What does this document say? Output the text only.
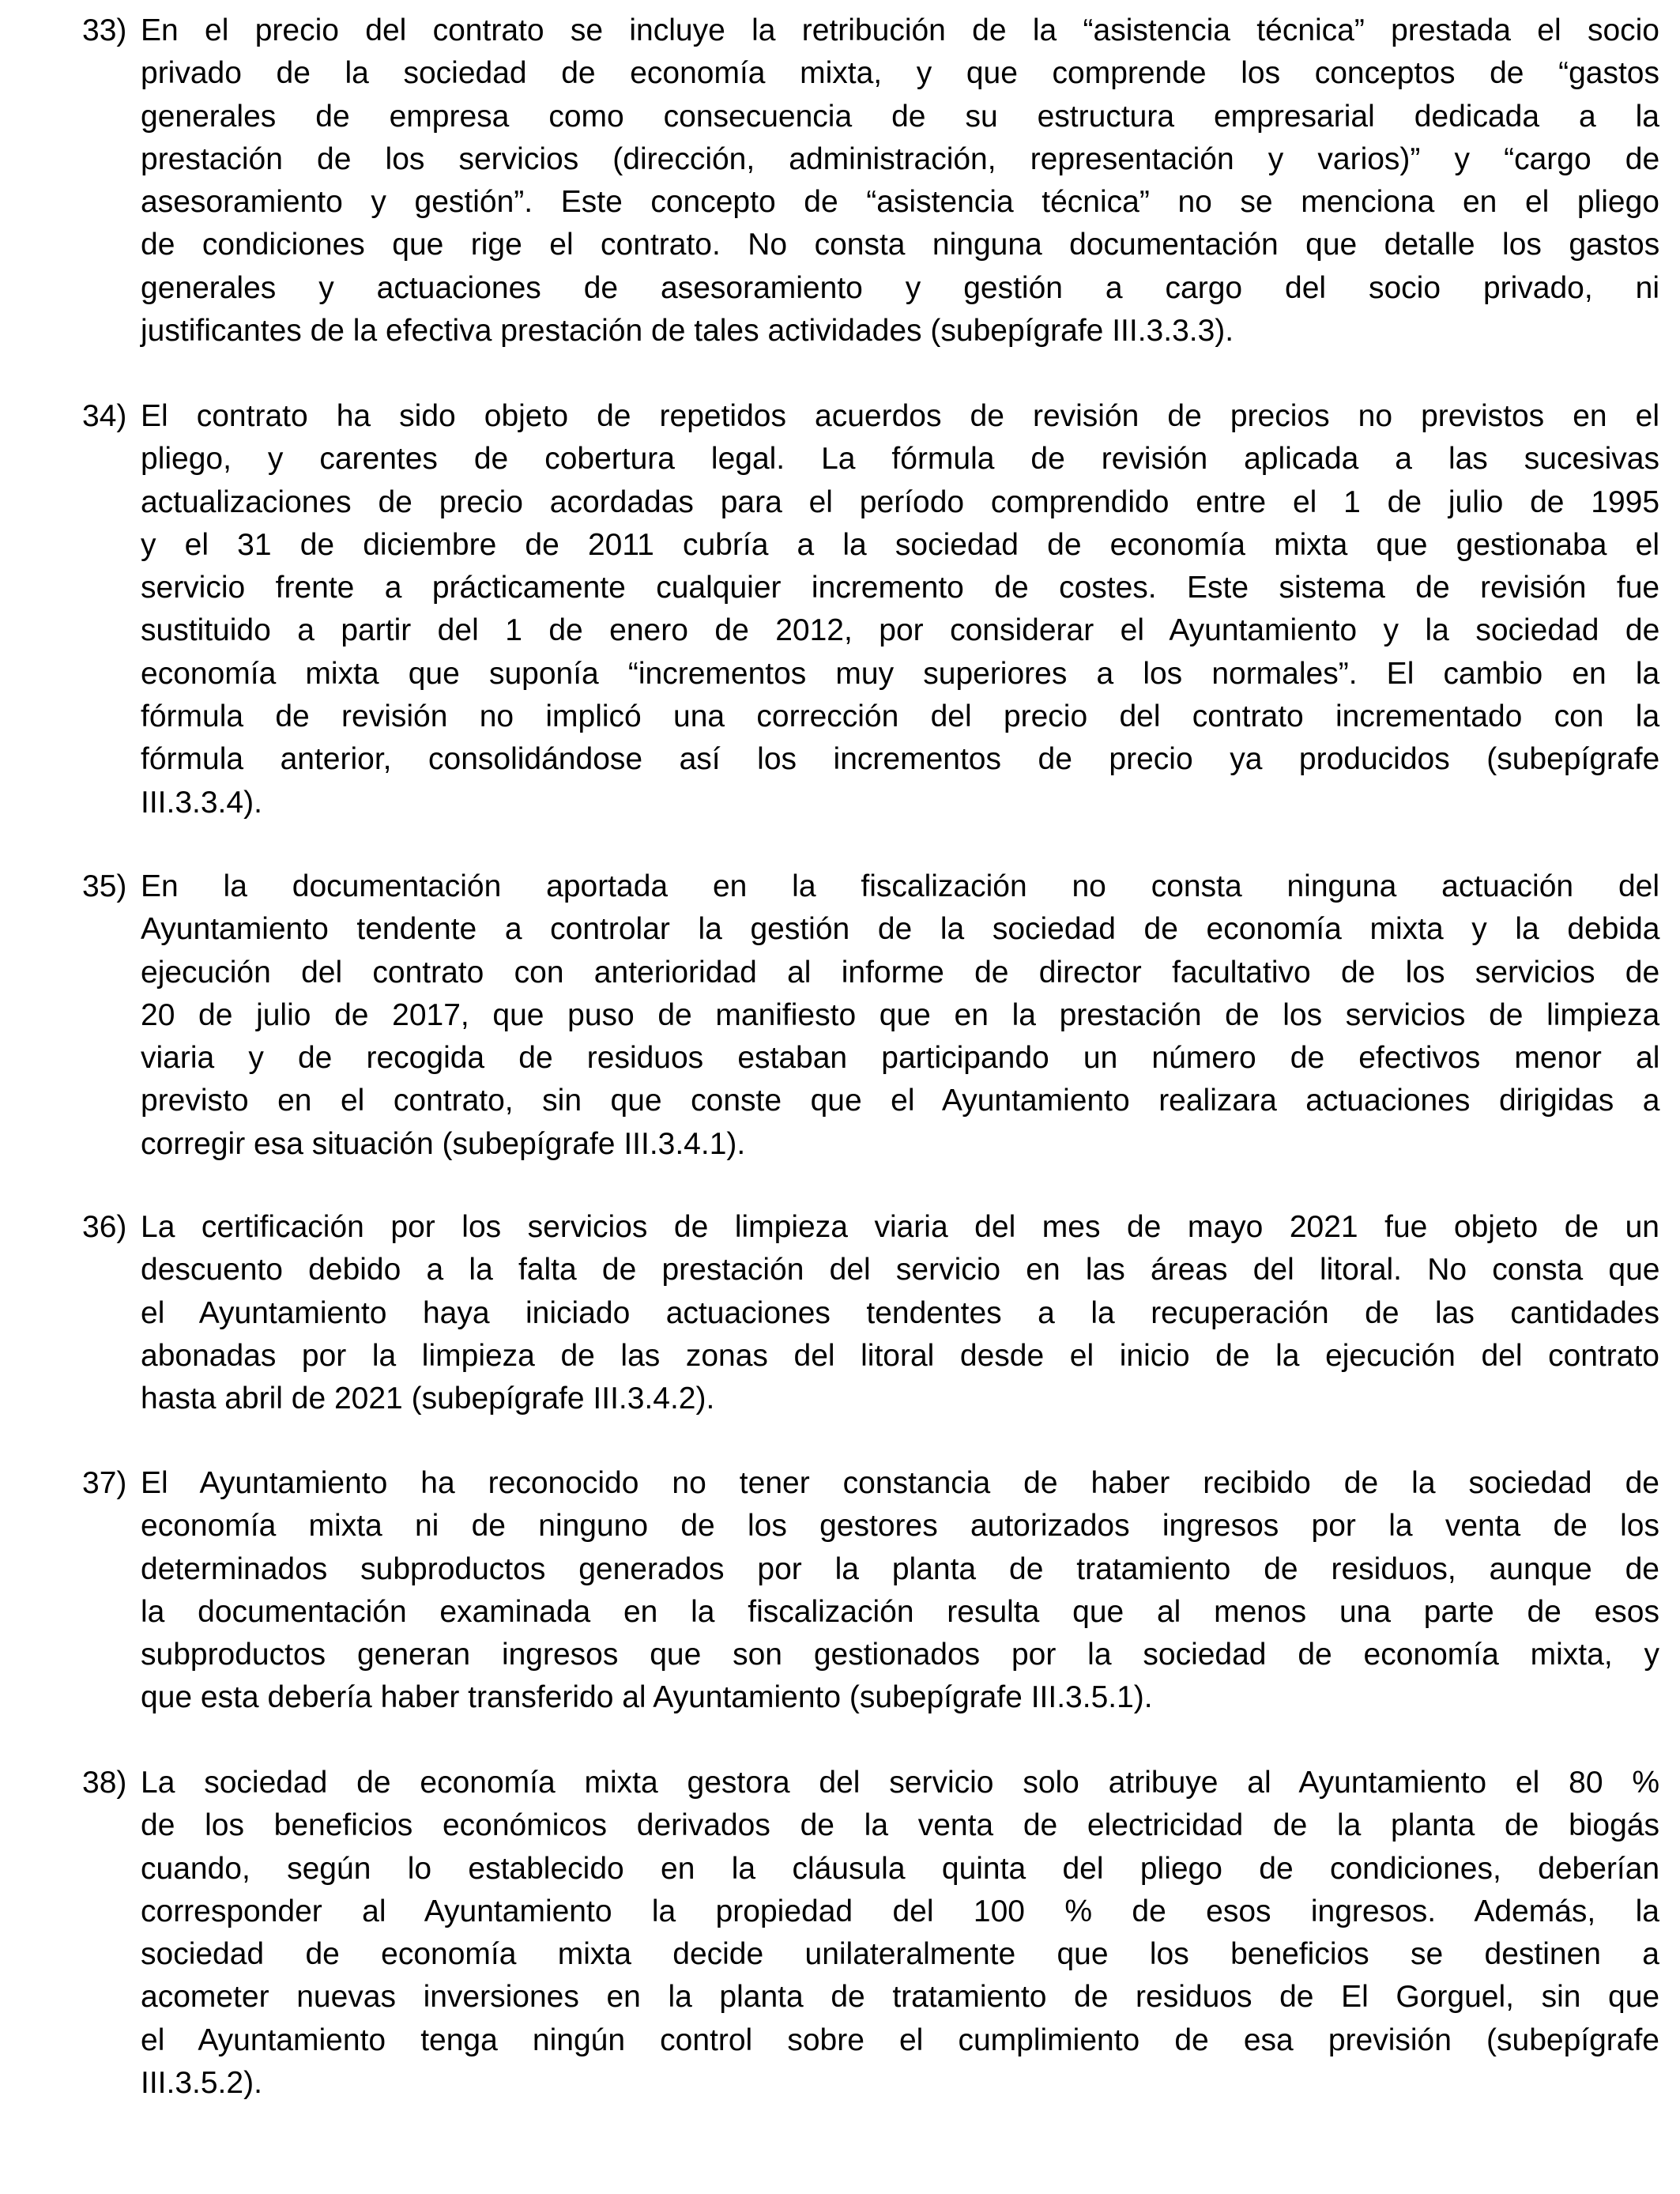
33) En el precio del contrato se incluye la retribución de la “asistencia técnica” prestada el socio
privado de la sociedad de economía mixta, y que comprende los conceptos de “gastos
generales de empresa como consecuencia de su estructura empresarial dedicada a la
prestación de los servicios (dirección, administración, representación y varios)” y “cargo de
asesoramiento y gestión”. Este concepto de “asistencia técnica” no se menciona en el pliego
de condiciones que rige el contrato. No consta ninguna documentación que detalle los gastos
generales y actuaciones de asesoramiento y gestión a cargo del socio privado, ni
justificantes de la efectiva prestación de tales actividades (subepígrafe III.3.3.3).
34) El contrato ha sido objeto de repetidos acuerdos de revisión de precios no previstos en el
pliego, y carentes de cobertura legal. La fórmula de revisión aplicada a las sucesivas
actualizaciones de precio acordadas para el período comprendido entre el 1 de julio de 1995
y el 31 de diciembre de 2011 cubría a la sociedad de economía mixta que gestionaba el
servicio frente a prácticamente cualquier incremento de costes. Este sistema de revisión fue
sustituido a partir del 1 de enero de 2012, por considerar el Ayuntamiento y la sociedad de
economía mixta que suponía “incrementos muy superiores a los normales”. El cambio en la
fórmula de revisión no implicó una corrección del precio del contrato incrementado con la
fórmula anterior, consolidándose así los incrementos de precio ya producidos (subepígrafe
III.3.3.4).
35) En la documentación aportada en la fiscalización no consta ninguna actuación del
Ayuntamiento tendente a controlar la gestión de la sociedad de economía mixta y la debida
ejecución del contrato con anterioridad al informe de director facultativo de los servicios de
20 de julio de 2017, que puso de manifiesto que en la prestación de los servicios de limpieza
viaria y de recogida de residuos estaban participando un número de efectivos menor al
previsto en el contrato, sin que conste que el Ayuntamiento realizara actuaciones dirigidas a
corregir esa situación (subepígrafe III.3.4.1).
36) La certificación por los servicios de limpieza viaria del mes de mayo 2021 fue objeto de un
descuento debido a la falta de prestación del servicio en las áreas del litoral. No consta que
el Ayuntamiento haya iniciado actuaciones tendentes a la recuperación de las cantidades
abonadas por la limpieza de las zonas del litoral desde el inicio de la ejecución del contrato
hasta abril de 2021 (subepígrafe III.3.4.2).
37) El Ayuntamiento ha reconocido no tener constancia de haber recibido de la sociedad de
economía mixta ni de ninguno de los gestores autorizados ingresos por la venta de los
determinados subproductos generados por la planta de tratamiento de residuos, aunque de
la documentación examinada en la fiscalización resulta que al menos una parte de esos
subproductos generan ingresos que son gestionados por la sociedad de economía mixta, y
que esta debería haber transferido al Ayuntamiento (subepígrafe III.3.5.1).
38) La sociedad de economía mixta gestora del servicio solo atribuye al Ayuntamiento el 80 %
de los beneficios económicos derivados de la venta de electricidad de la planta de biogás
cuando, según lo establecido en la cláusula quinta del pliego de condiciones, deberían
corresponder al Ayuntamiento la propiedad del 100 % de esos ingresos. Además, la
sociedad de economía mixta decide unilateralmente que los beneficios se destinen a
acometer nuevas inversiones en la planta de tratamiento de residuos de El Gorguel, sin que
el Ayuntamiento tenga ningún control sobre el cumplimiento de esa previsión (subepígrafe
III.3.5.2).
